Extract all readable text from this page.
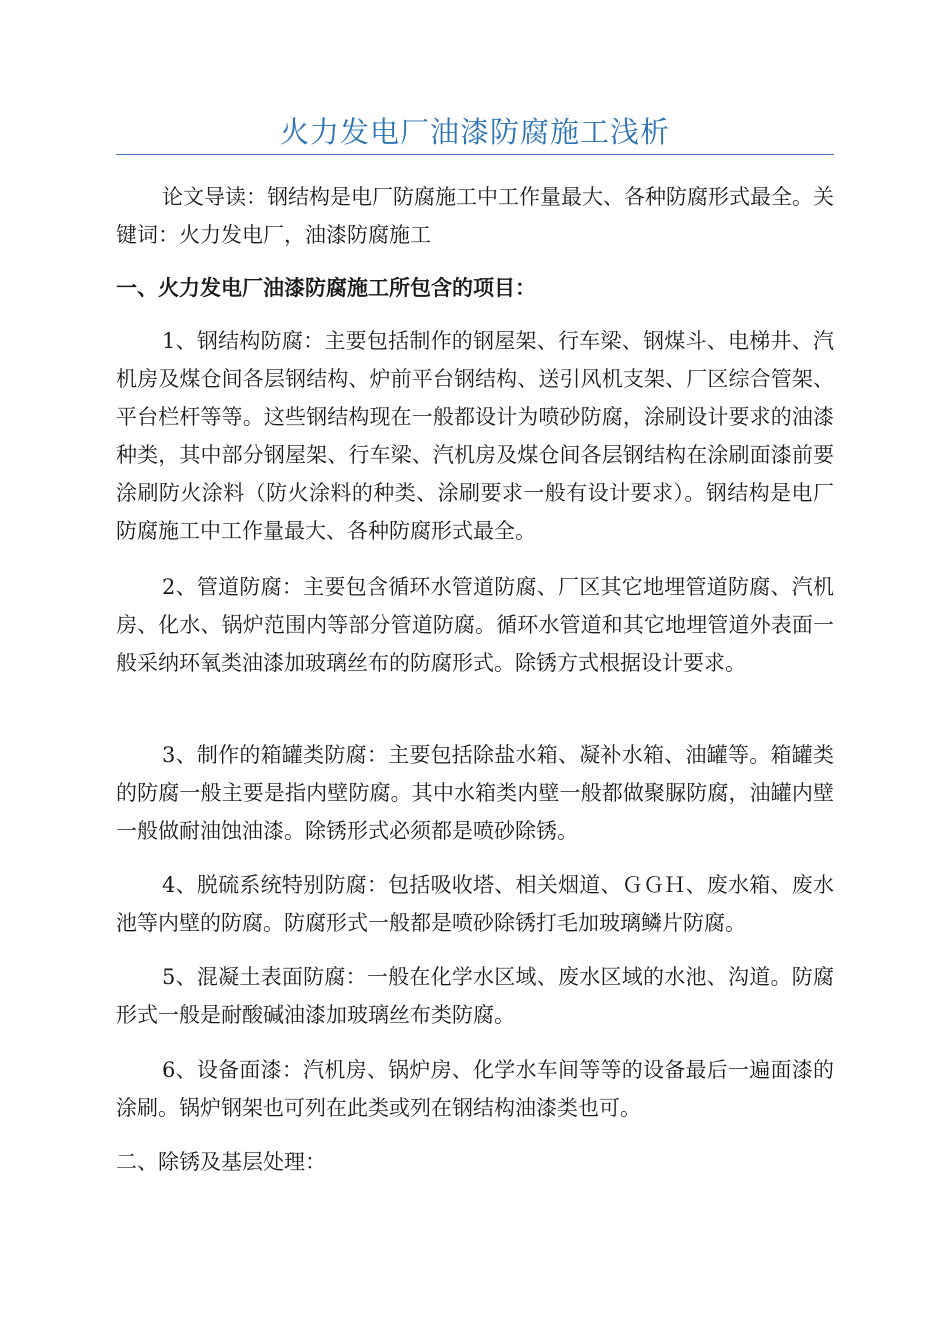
火力发电厂油漆防腐施工浅析

论文导读：钢结构是电厂防腐施工中工作量最大、各种防腐形式最全。关键词：火力发电厂，油漆防腐施工

一、火力发电厂油漆防腐施工所包含的项目：

1、钢结构防腐：主要包括制作的钢屋架、行车梁、钢煤斗、电梯井、汽机房及煤仓间各层钢结构、炉前平台钢结构、送引风机支架、厂区综合管架、平台栏杆等等。这些钢结构现在一般都设计为喷砂防腐，涂刷设计要求的油漆种类，其中部分钢屋架、行车梁、汽机房及煤仓间各层钢结构在涂刷面漆前要涂刷防火涂料（防火涂料的种类、涂刷要求一般有设计要求）。钢结构是电厂防腐施工中工作量最大、各种防腐形式最全。

2、管道防腐：主要包含循环水管道防腐、厂区其它地埋管道防腐、汽机房、化水、锅炉范围内等部分管道防腐。循环水管道和其它地埋管道外表面一般采纳环氧类油漆加玻璃丝布的防腐形式。除锈方式根据设计要求。

3、制作的箱罐类防腐：主要包括除盐水箱、凝补水箱、油罐等。箱罐类的防腐一般主要是指内壁防腐。其中水箱类内壁一般都做聚脲防腐，油罐内壁一般做耐油蚀油漆。除锈形式必须都是喷砂除锈。

4、脱硫系统特别防腐：包括吸收塔、相关烟道、ＧＧＨ、废水箱、废水池等内壁的防腐。防腐形式一般都是喷砂除锈打毛加玻璃鳞片防腐。

5、混凝土表面防腐：一般在化学水区域、废水区域的水池、沟道。防腐形式一般是耐酸碱油漆加玻璃丝布类防腐。

6、设备面漆：汽机房、锅炉房、化学水车间等等的设备最后一遍面漆的涂刷。锅炉钢架也可列在此类或列在钢结构油漆类也可。

二、除锈及基层处理：
